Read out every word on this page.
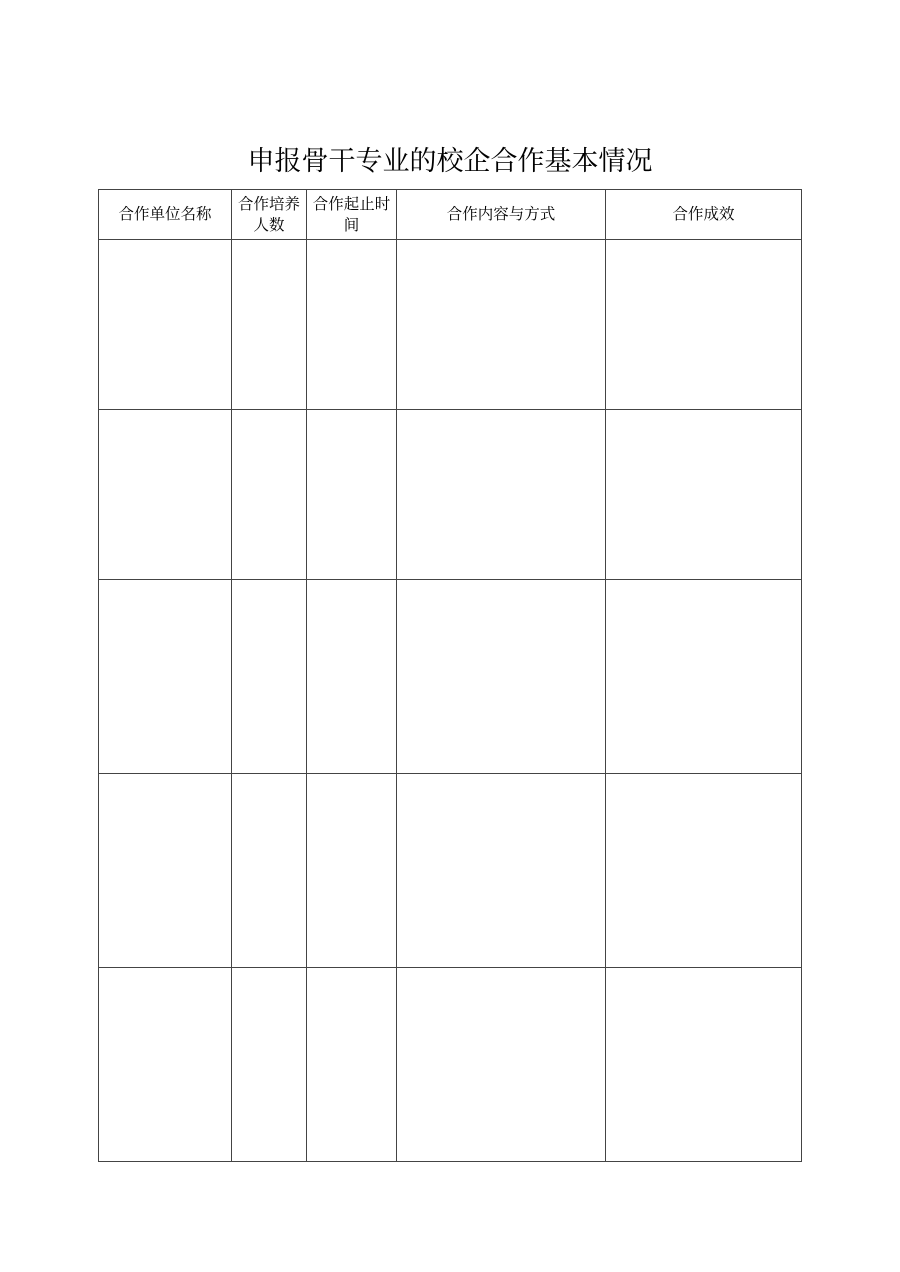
申报骨干专业的校企合作基本情况
合作单位名称	合作培养人数	合作起止时间	合作内容与方式	合作成效
